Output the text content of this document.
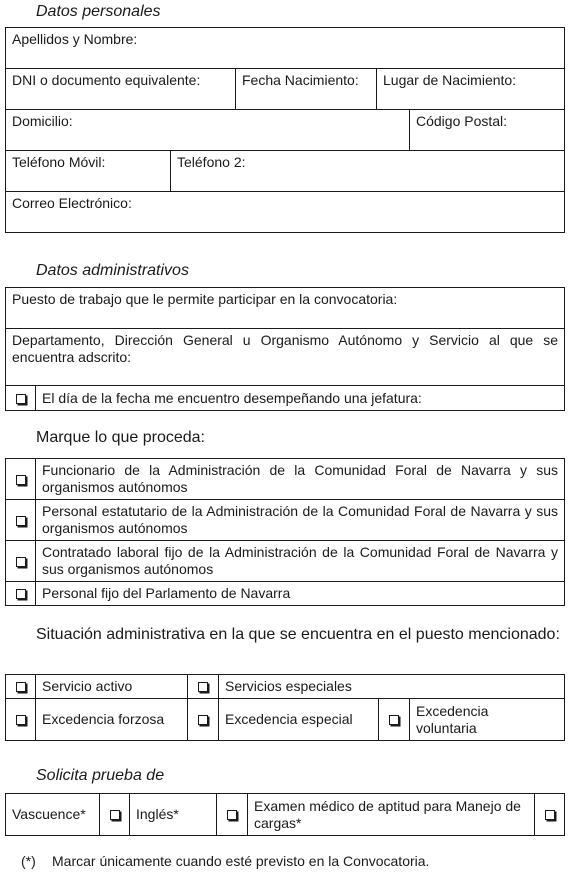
Datos personales
Apellidos y Nombre:				
DNI o documento equivalente:		Fecha Nacimiento:	Lugar de Nacimiento:	
Domicilio:				Código Postal:
Teléfono Móvil:	Teléfono 2:			
Correo Electrónico:				
Datos administrativos
Puesto de trabajo que le permite participar en la convocatoria:
Departamento, Dirección General u Organismo Autónomo y Servicio al que se encuentra adscrito:
	El día de la fecha me encuentro desempeñando una jefatura:
Marque lo que proceda:
	Funcionario de la Administración de la Comunidad Foral de Navarra y sus organismos autónomos
	Personal estatutario de la Administración de la Comunidad Foral de Navarra y sus organismos autónomos
	Contratado laboral fijo de la Administración de la Comunidad Foral de Navarra y sus organismos autónomos
	Personal fijo del Parlamento de Navarra
Situación administrativa en la que se encuentra en el puesto mencionado:
	Servicio activo		Servicios especiales		
	Excedencia forzosa		Excedencia especial		Excedencia voluntaria
Solicita prueba de
Vascuence*		Inglés*		Examen médico de aptitud para Manejo de cargas*	
(*) Marcar únicamente cuando esté previsto en la Convocatoria.
